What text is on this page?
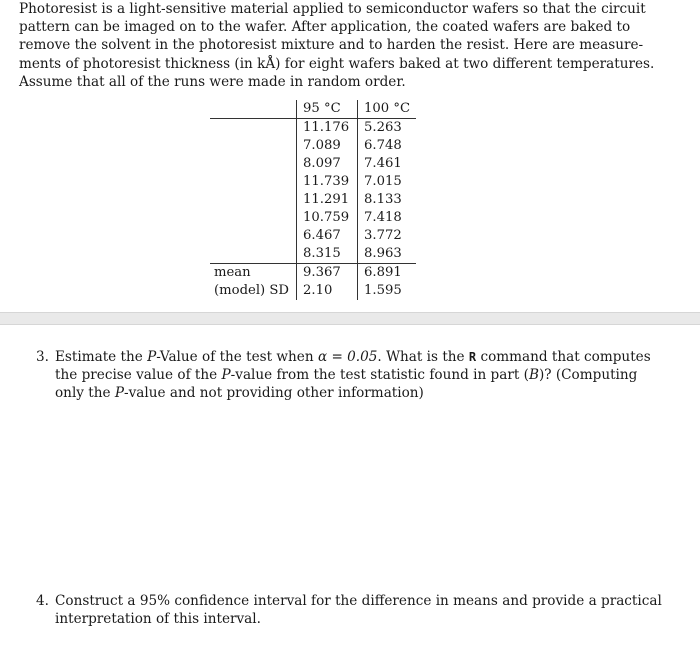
Photoresist is a light-sensitive material applied to semiconductor wafers so that the circuit
pattern can be imaged on to the wafer. After application, the coated wafers are baked to
remove the solvent in the photoresist mixture and to harden the resist. Here are measure-
ments of photoresist thickness (in kÅ) for eight wafers baked at two different temperatures.
Assume that all of the runs were made in random order.
	95 °C	100 °C
	11.176	5.263
	7.089	6.748
	8.097	7.461
	11.739	7.015
	11.291	8.133
	10.759	7.418
	6.467	3.772
	8.315	8.963
mean	9.367	6.891
(model) SD	2.10	1.595
3. Estimate the P-Value of the test when α = 0.05. What is the R command that computes
the precise value of the P-value from the test statistic found in part (B)? (Computing
only the P-value and not providing other information)
4. Construct a 95% confidence interval for the difference in means and provide a practical
interpretation of this interval.
